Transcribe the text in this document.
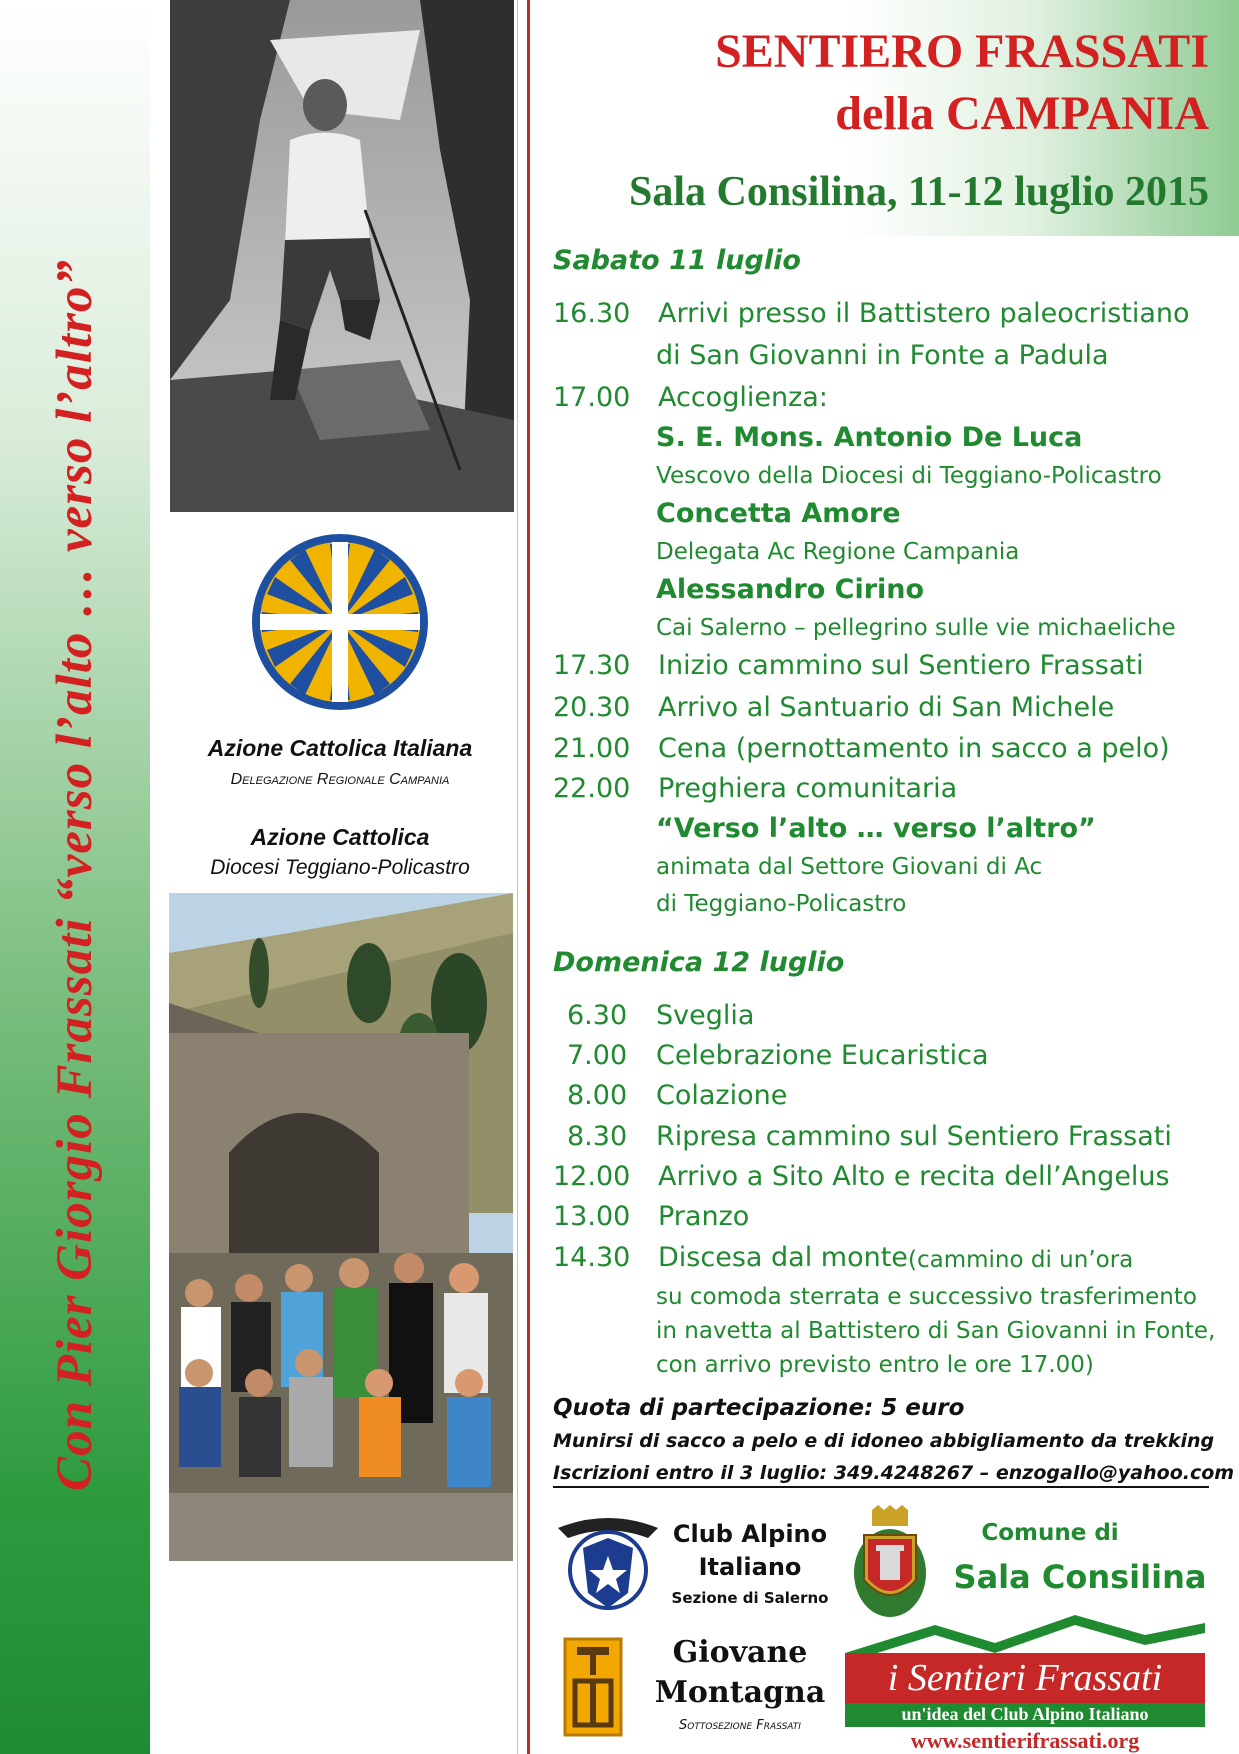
Con Pier Giorgio Frassati “verso l’alto … verso l’altro”	Azione Cattolica Italiana
Delegazione Regionale Campania
Azione Cattolica
Diocesi Teggiano-Policastro
SENTIERO FRASSATI
della CAMPANIA
Sala Consilina, 11-12 luglio 2015
Sabato 11 luglio
16.30 Arrivi presso il Battistero paleocristiano
di San Giovanni in Fonte a Padula
17.00 Accoglienza:
S. E. Mons. Antonio De Luca
Vescovo della Diocesi di Teggiano-Policastro
Concetta Amore
Delegata Ac Regione Campania
Alessandro Cirino
Cai Salerno – pellegrino sulle vie michaeliche
17.30 Inizio cammino sul Sentiero Frassati
20.30 Arrivo al Santuario di San Michele
21.00 Cena (pernottamento in sacco a pelo)
22.00 Preghiera comunitaria
“Verso l’alto … verso l’altro”
animata dal Settore Giovani di Ac
di Teggiano-Policastro
Domenica 12 luglio
6.30 Sveglia
7.00 Celebrazione Eucaristica
8.00 Colazione
8.30 Ripresa cammino sul Sentiero Frassati
12.00 Arrivo a Sito Alto e recita dell’Angelus
13.00 Pranzo
14.30 Discesa dal monte (cammino di un’ora
su comoda sterrata e successivo trasferimento
in navetta al Battistero di San Giovanni in Fonte,
con arrivo previsto entro le ore 17.00)
Quota di partecipazione: 5 euro
Munirsi di sacco a pelo e di idoneo abbigliamento da trekking
Iscrizioni entro il 3 luglio: 349.4248267 – enzogallo@yahoo.com
Club Alpino
Italiano
Sezione di Salerno
Comune di
Sala Consilina
Giovane
Montagna
Sottosezione Frassati
i Sentieri Frassati
un'idea del Club Alpino Italiano
www.sentierifrassati.org
